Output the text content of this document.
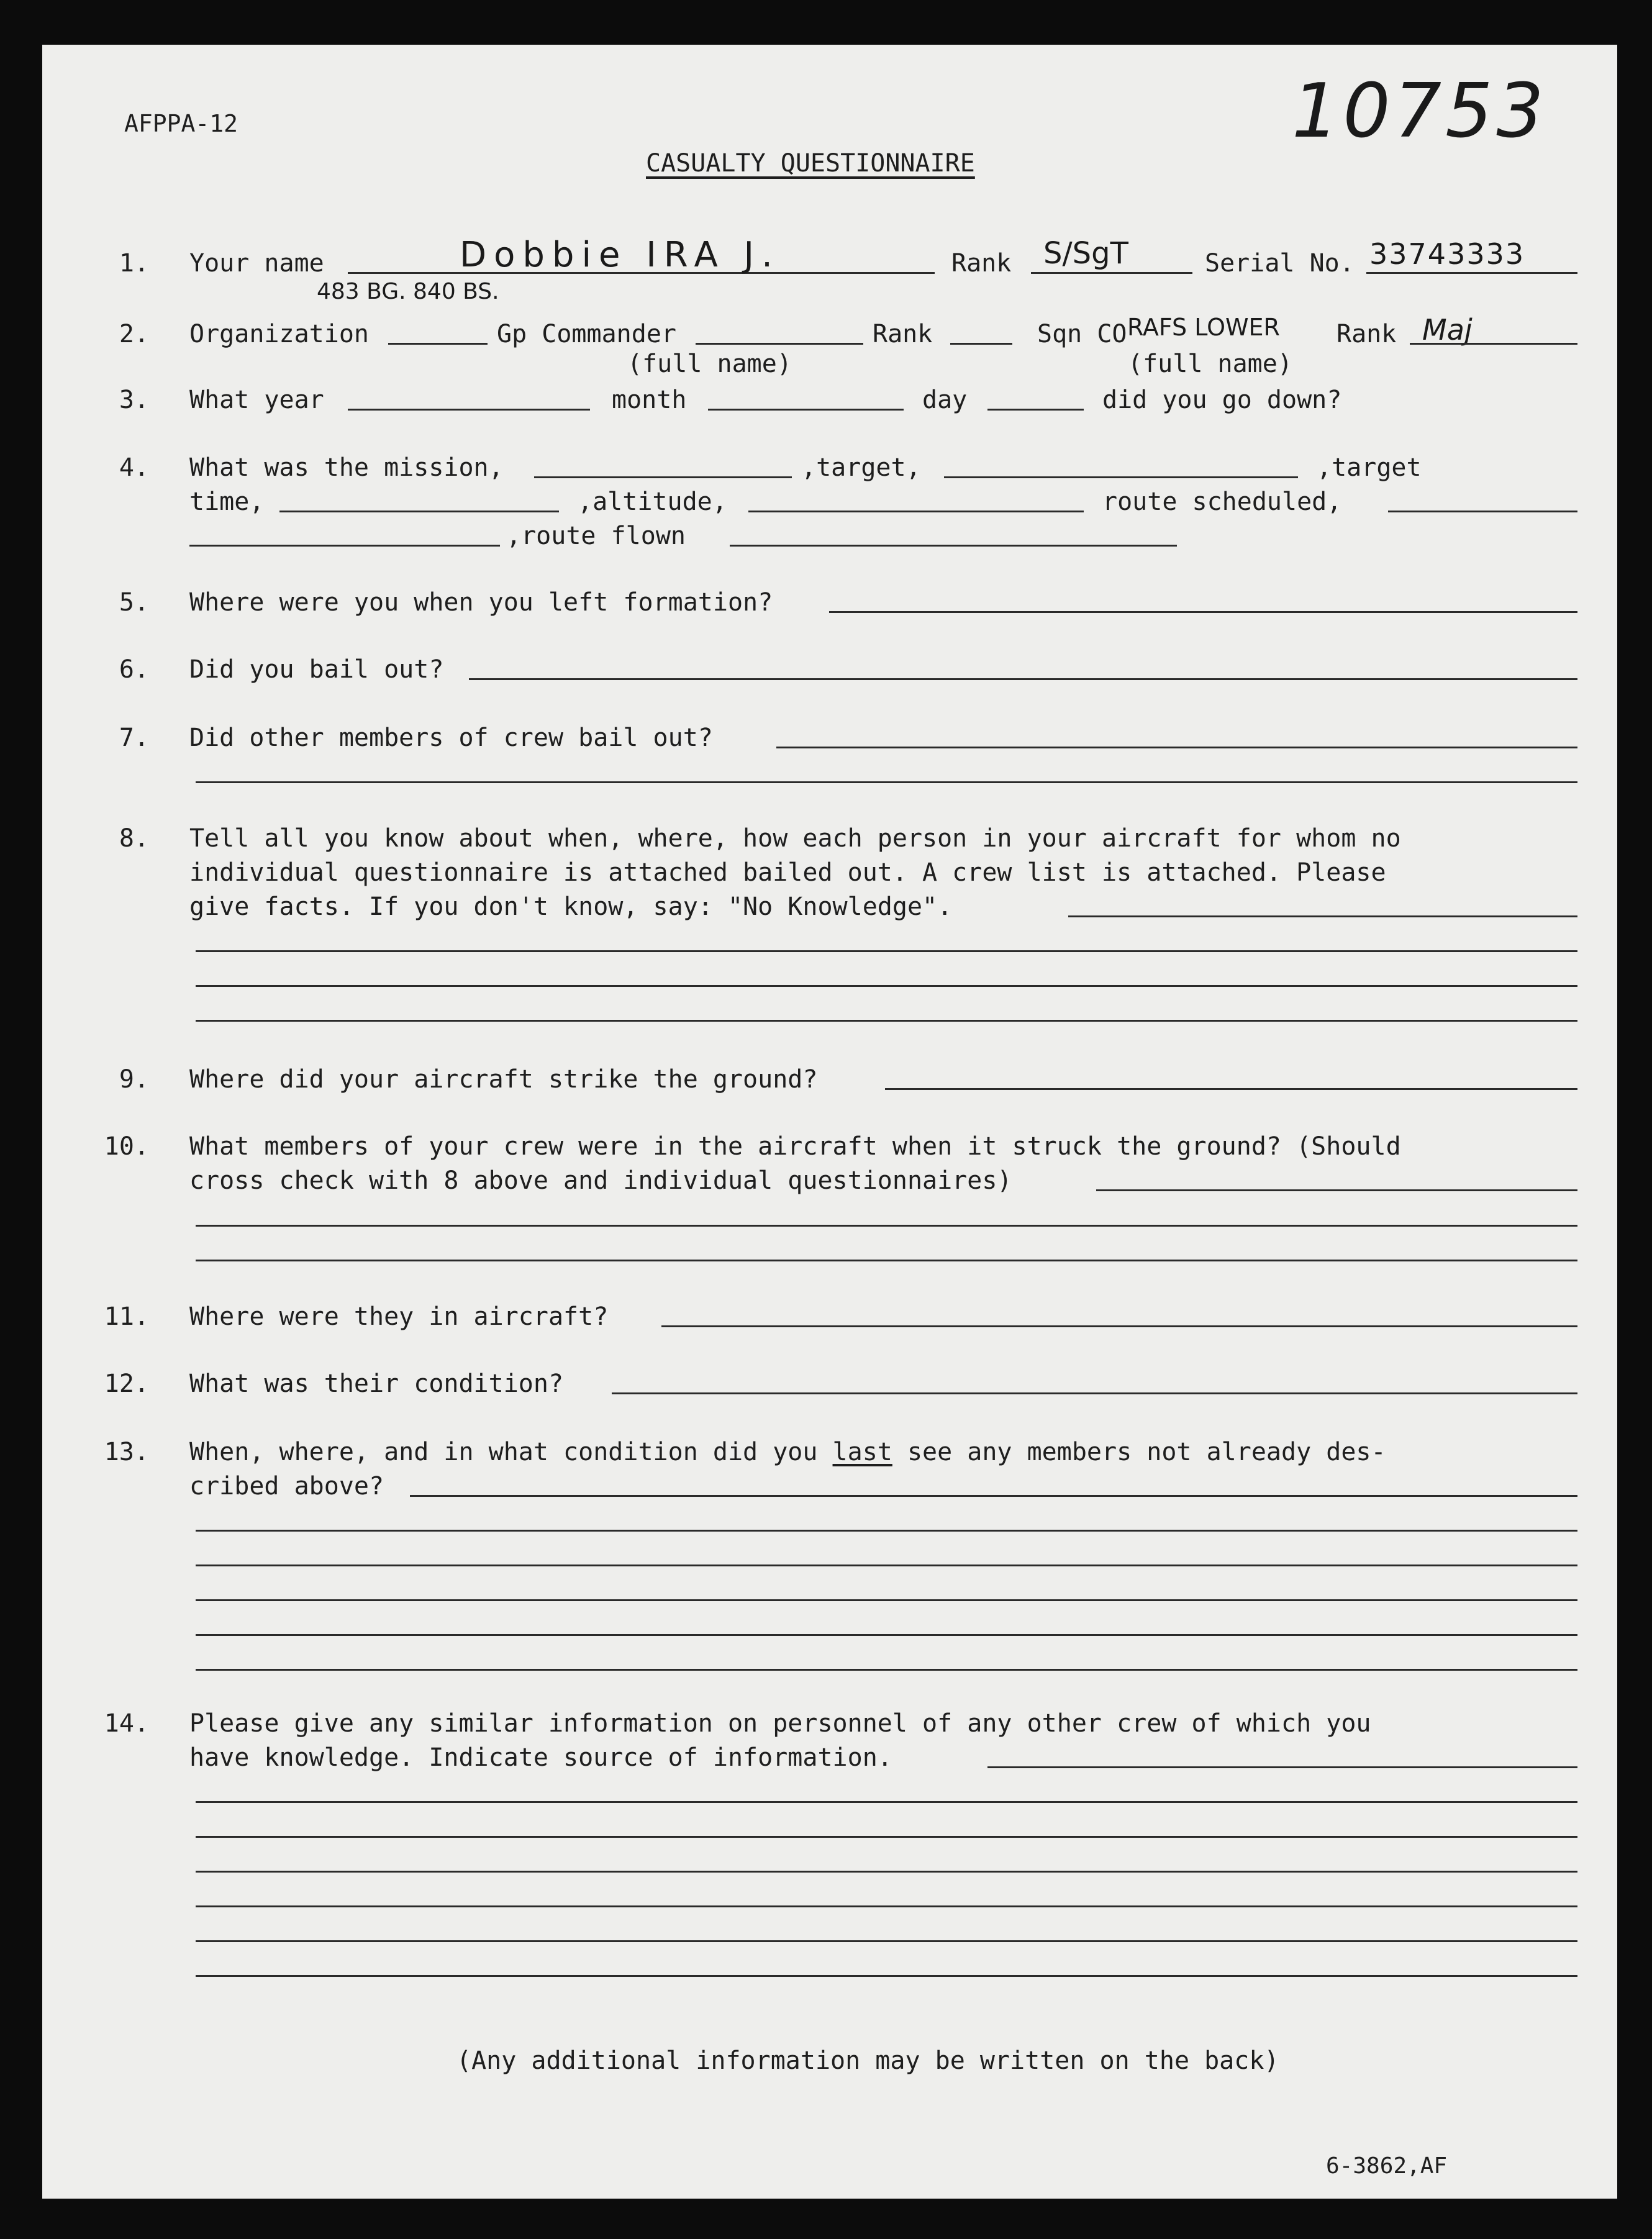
AFPPA-12
CASUALTY QUESTIONNAIRE
10753
1. Your name	Dobbie IRA J.	Rank S/SgT	Serial No. 33743333
483 BG. 840 BS.
2. Organization	Gp Commander	Rank	Sqn CO RAFS LOWER Rank Maj
(full name)	(full name)
3. What year	month	day	did you go down?
4. What was the mission,	,target,	,target
time,	,altitude,	route scheduled,
,route flown
5. Where were you when you left formation?
6. Did you bail out?
7. Did other members of crew bail out?
8. Tell all you know about when, where, how each person in your aircraft for whom no
individual questionnaire is attached bailed out. A crew list is attached. Please
give facts. If you don't know, say: "No Knowledge".
9. Where did your aircraft strike the ground?
10. What members of your crew were in the aircraft when it struck the ground? (Should
cross check with 8 above and individual questionnaires)
11. Where were they in aircraft?
12. What was their condition?
13. When, where, and in what condition did you last see any members not already des-
cribed above?
14. Please give any similar information on personnel of any other crew of which you
have knowledge. Indicate source of information.
(Any additional information may be written on the back)
6-3862,AF
